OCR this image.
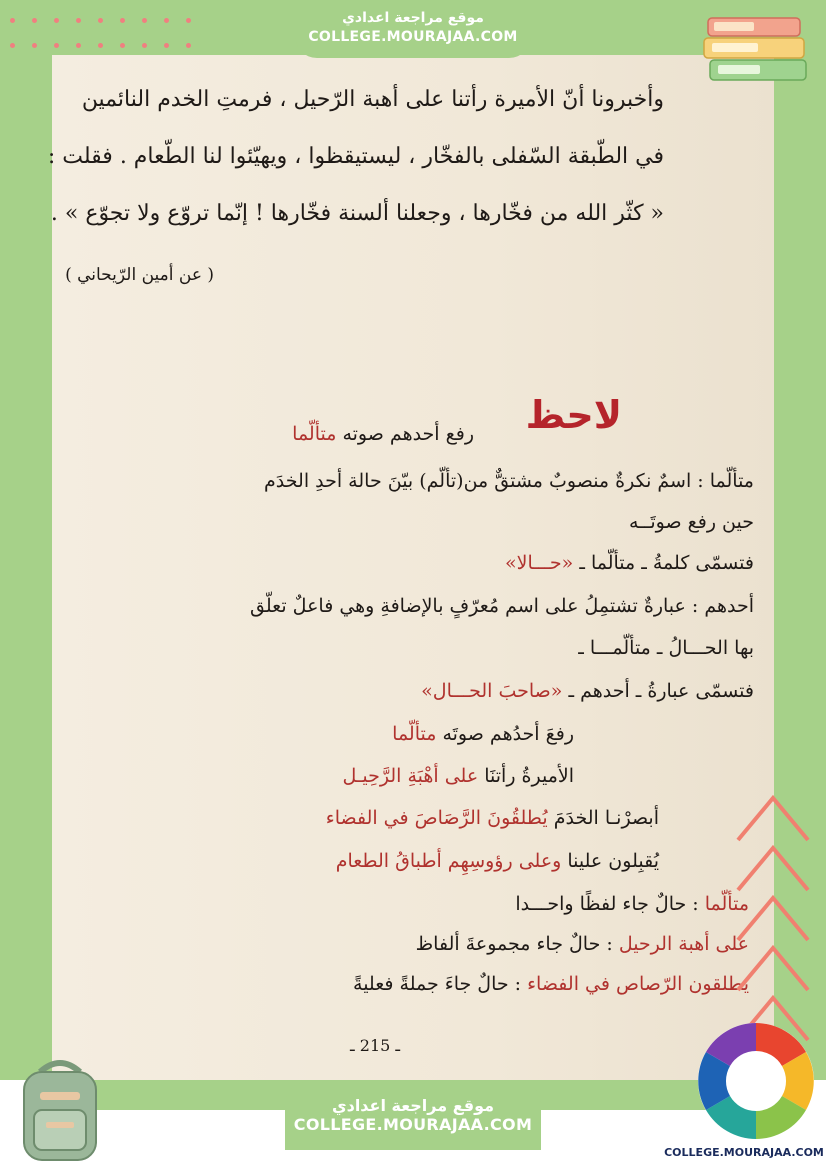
وأخبرونا أنّ الأميرة رأتنا على أهبة الرّحيل ، فرمتِ الخدم النائمين
في الطّبقة السّفلى بالفخّار ، ليستيقظوا ، ويهيّئوا لنا الطّعام . فقلت :
« كثّر الله من فخّارها ، وجعلنا ألسنة فخّارها ! إنّما تروّع ولا تجوّع » .
( عن أمين الرّيحاني )
لاحظ
رفع أحدهم صوته متألّما
متألّما : اسمٌ نكرةٌ منصوبٌ مشتقٌّ من(تألّم) بيّنَ حالة أحدِ الخدَم
حين رفع صوتَــه
فتسمّى كلمةُ ـ متألّما ـ «حـــالا»
أحدهم : عبارةٌ تشتمِلُ على اسم مُعرّفٍ بالإضافةِ وهي فاعلٌ تعلّق
بها الحـــالُ ـ متألّمـــا ـ
فتسمّى عبارةُ ـ أحدهم ـ «صاحبَ الحـــال»
رفعَ أحدُهم صوتَه متألّما
الأميرةُ رأتنَا على أهْبَةِ الرَّحِيـل
أبصرْنـا الخدَمَ يُطلقُونَ الرَّصَاصَ في الفضاء
يُقبِلون علينا وعلى رؤوسِهِم أطباقُ الطعام
متألّما : حالٌ جاء لفظًا واحـــدا
على أهبة الرحيل : حالٌ جاء مجموعةَ ألفاظ
يطلقون الرّصاص في الفضاء : حالٌ جاءَ جملةً فعليةً
ـ 215 ـ
موقع مراجعة اعدادي
COLLEGE.MOURAJAA.COM
موقع مراجعة اعدادي
COLLEGE.MOURAJAA.COM
COLLEGE.MOURAJAA.COM
